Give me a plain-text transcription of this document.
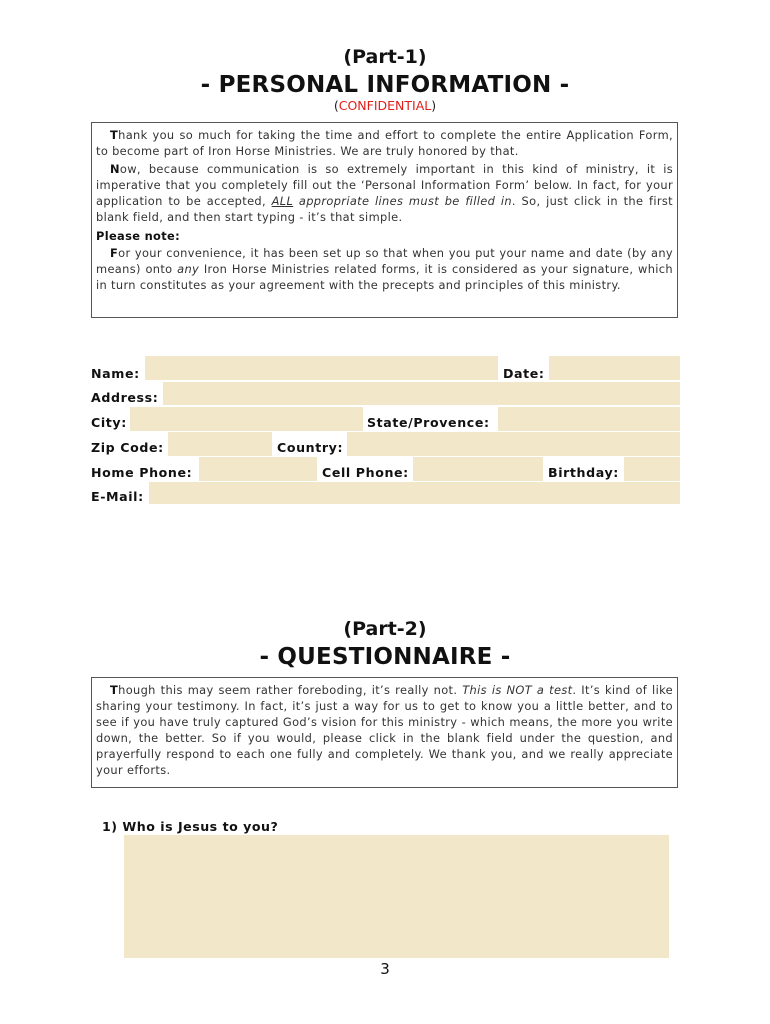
(Part-1)
- PERSONAL INFORMATION -
(CONFIDENTIAL)

Thank you so much for taking the time and effort to complete the entire Application Form, to become part of Iron Horse Ministries. We are truly honored by that.

Now, because communication is so extremely important in this kind of ministry, it is imperative that you completely fill out the ‘Personal Information Form’ below. In fact, for your application to be accepted, ALL appropriate lines must be filled in. So, just click in the first blank field, and then start typing - it’s that simple.

Please note:

For your convenience, it has been set up so that when you put your name and date (by any means) onto any Iron Horse Ministries related forms, it is considered as your signature, which in turn constitutes as your agreement with the precepts and principles of this ministry.

Name:	Date:
Address:
City:	State/Provence:
Zip Code:	Country:
Home Phone:	Cell Phone:	Birthday:
E-Mail:
(Part-2)
- QUESTIONNAIRE -

Though this may seem rather foreboding, it’s really not. This is NOT a test. It’s kind of like sharing your testimony. In fact, it’s just a way for us to get to know you a little better, and to see if you have truly captured God’s vision for this ministry - which means, the more you write down, the better. So if you would, please click in the blank field under the question, and prayerfully respond to each one fully and completely. We thank you, and we really appreciate your efforts.

1) Who is Jesus to you?
3
